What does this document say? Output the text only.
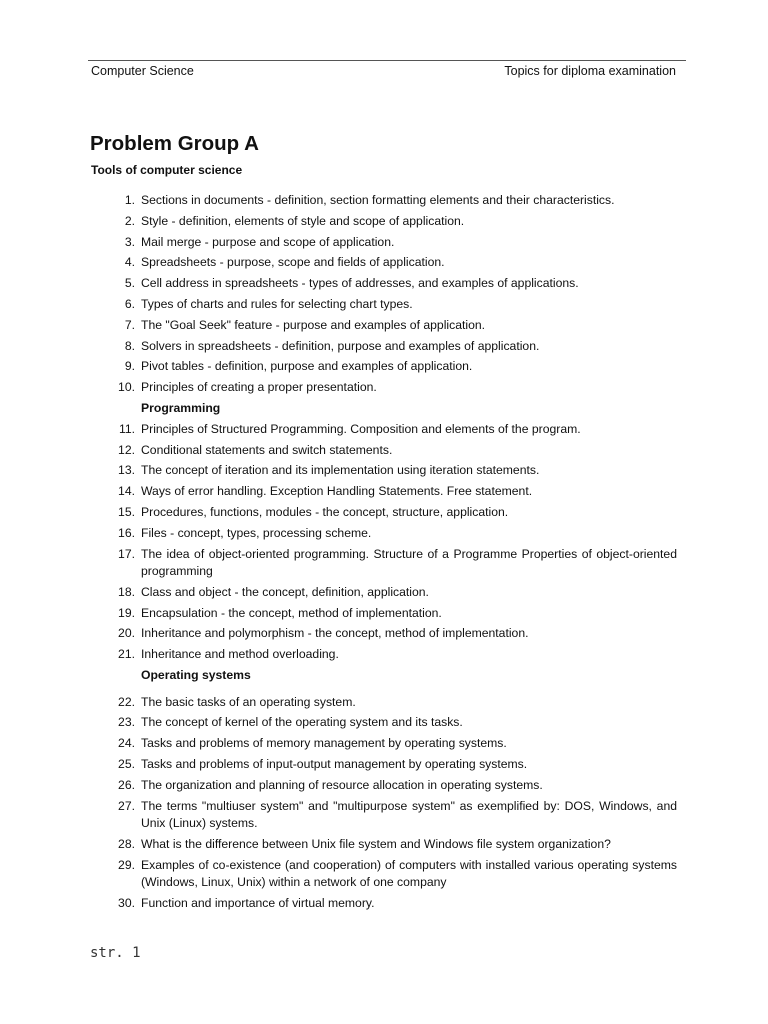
Computer Science	Topics for diploma examination
Problem Group A
Tools of computer science
1. Sections in documents - definition, section formatting elements and their characteristics.
2. Style - definition, elements of style and scope of application.
3. Mail merge - purpose and scope of application.
4. Spreadsheets - purpose, scope and fields of application.
5. Cell address in spreadsheets - types of addresses, and examples of applications.
6. Types of charts and rules for selecting chart types.
7. The "Goal Seek" feature - purpose and examples of application.
8. Solvers in spreadsheets - definition, purpose and examples of application.
9. Pivot tables - definition, purpose and examples of application.
10. Principles of creating a proper presentation.
Programming
11. Principles of Structured Programming. Composition and elements of the program.
12. Conditional statements and switch statements.
13. The concept of iteration and its implementation using iteration statements.
14. Ways of error handling. Exception Handling Statements. Free statement.
15. Procedures, functions, modules - the concept, structure, application.
16. Files - concept, types, processing scheme.
17. The idea of object-oriented programming. Structure of a Programme Properties of object-oriented programming
18. Class and object - the concept, definition, application.
19. Encapsulation - the concept, method of implementation.
20. Inheritance and polymorphism - the concept, method of implementation.
21. Inheritance and method overloading.
Operating systems
22. The basic tasks of an operating system.
23. The concept of kernel of the operating system and its tasks.
24. Tasks and problems of memory management by operating systems.
25. Tasks and problems of input-output management by operating systems.
26. The organization and planning of resource allocation in operating systems.
27. The terms "multiuser system" and "multipurpose system" as exemplified by: DOS, Windows, and Unix (Linux) systems.
28. What is the difference between Unix file system and Windows file system organization?
29. Examples of co-existence (and cooperation) of computers with installed various operating systems (Windows, Linux, Unix) within a network of one company
30. Function and importance of virtual memory.
str. 1
